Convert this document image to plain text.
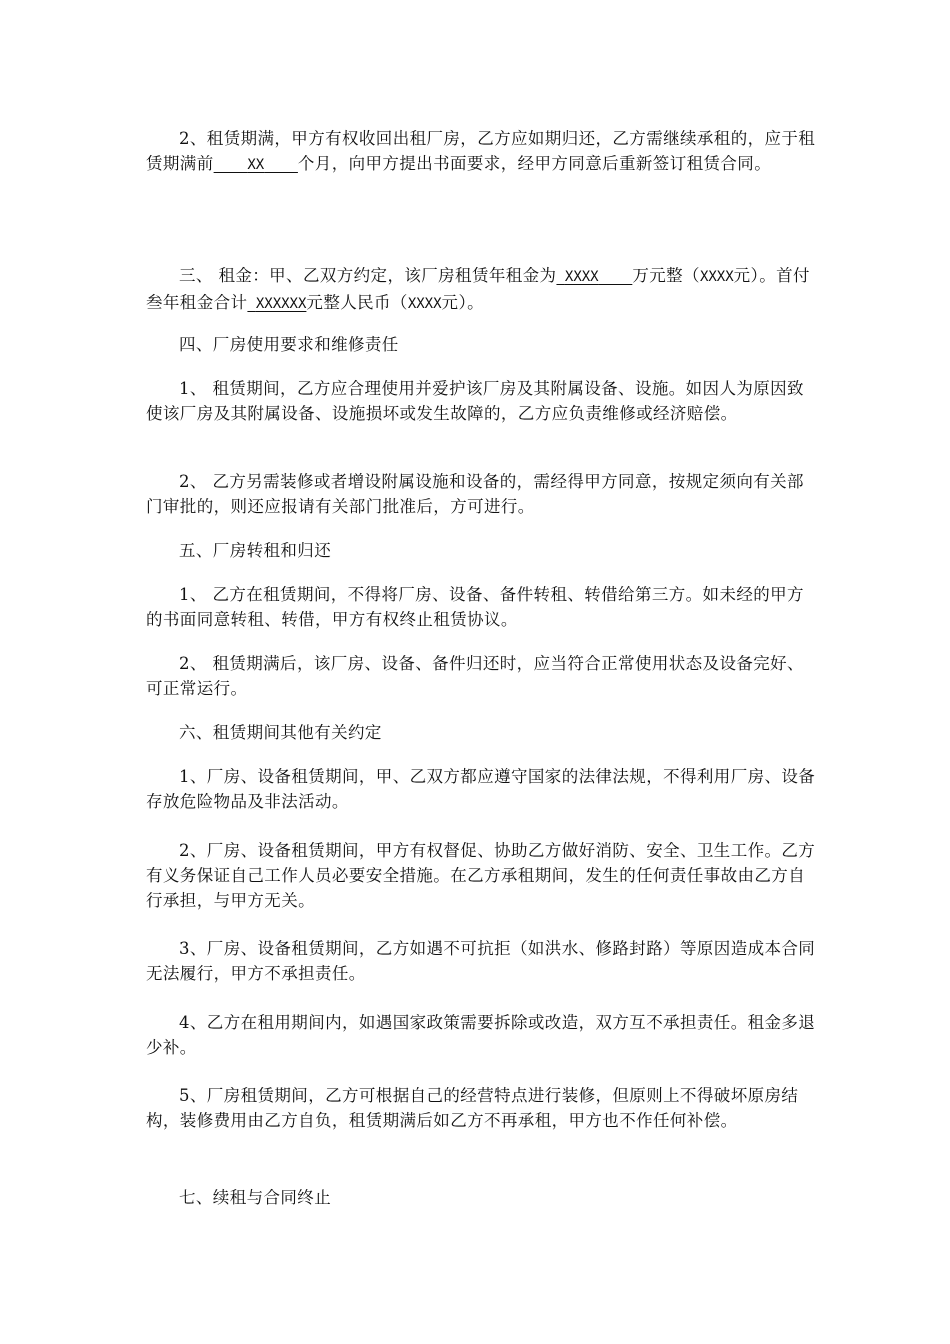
2、租赁期满，甲方有权收回出租厂房，乙方应如期归还，乙方需继续承租的，应于租赁期满前 XX 个月，向甲方提出书面要求，经甲方同意后重新签订租赁合同。

三、 租金：甲、乙双方约定，该厂房租赁年租金为 XXXX 万元整（XXXX元）。首付叁年租金合计 XXXXXX元整人民币（XXXX元）。

四、厂房使用要求和维修责任

1、 租赁期间，乙方应合理使用并爱护该厂房及其附属设备、设施。如因人为原因致使该厂房及其附属设备、设施损坏或发生故障的，乙方应负责维修或经济赔偿。

2、 乙方另需装修或者增设附属设施和设备的，需经得甲方同意，按规定须向有关部门审批的，则还应报请有关部门批准后，方可进行。

五、厂房转租和归还

1、 乙方在租赁期间，不得将厂房、设备、备件转租、转借给第三方。如未经的甲方的书面同意转租、转借，甲方有权终止租赁协议。

2、 租赁期满后，该厂房、设备、备件归还时，应当符合正常使用状态及设备完好、可正常运行。

六、租赁期间其他有关约定

1、厂房、设备租赁期间，甲、乙双方都应遵守国家的法律法规，不得利用厂房、设备存放危险物品及非法活动。

2、厂房、设备租赁期间，甲方有权督促、协助乙方做好消防、安全、卫生工作。乙方有义务保证自己工作人员必要安全措施。在乙方承租期间，发生的任何责任事故由乙方自行承担，与甲方无关。

3、厂房、设备租赁期间，乙方如遇不可抗拒（如洪水、修路封路）等原因造成本合同无法履行，甲方不承担责任。

4、乙方在租用期间内，如遇国家政策需要拆除或改造，双方互不承担责任。租金多退少补。

5、厂房租赁期间，乙方可根据自己的经营特点进行装修，但原则上不得破坏原房结构，装修费用由乙方自负，租赁期满后如乙方不再承租，甲方也不作任何补偿。

七、续租与合同终止
